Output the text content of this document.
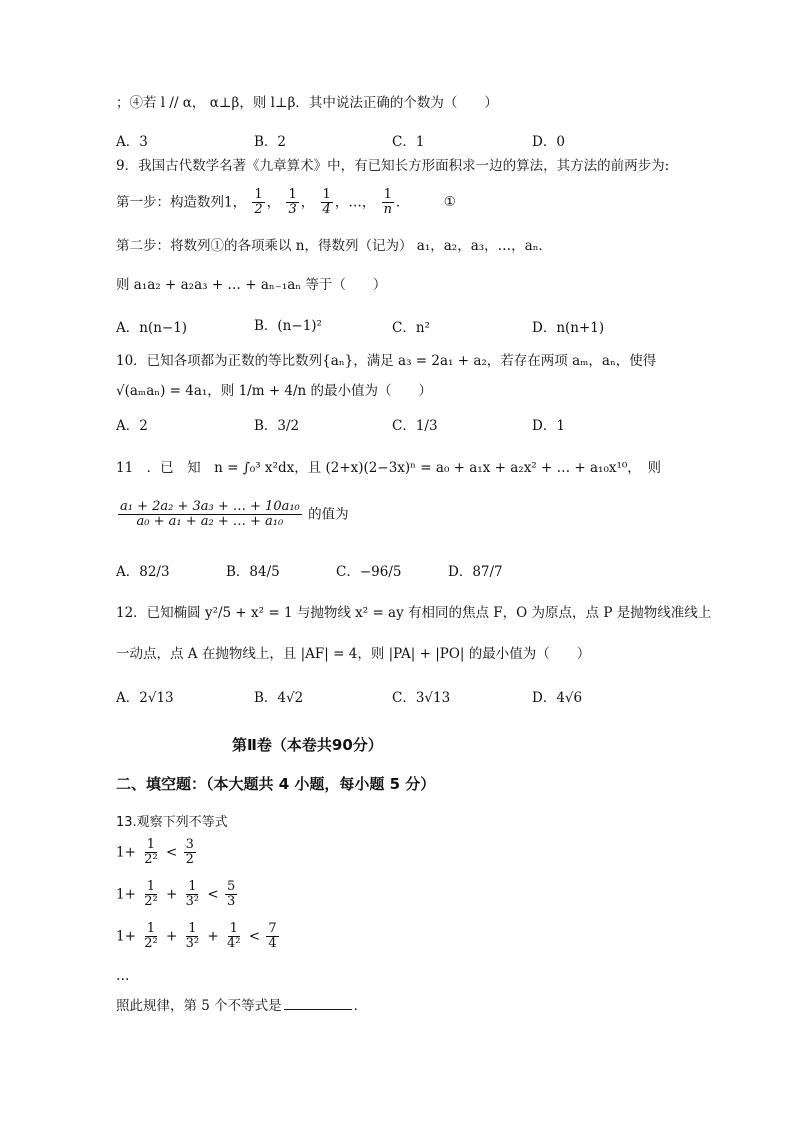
；④若 l // α， α⊥β，则 l⊥β．其中说法正确的个数为（　　）
A．3	B．2	C．1	D．0
9．我国古代数学名著《九章算术》中，有已知长方形面积求一边的算法，其方法的前两步为:
第一步：构造数列1， $\frac{1}{2}$ ， $\frac{1}{3}$ ， $\frac{1}{4}$ ，…， $\frac{1}{n}$ ． ①
第二步：将数列①的各项乘以 n，得数列（记为） a₁，a₂，a₃，…，aₙ．
则 a₁a₂ + a₂a₃ + … + aₙ₋₁aₙ 等于（　　）
A．n(n−1)	B．(n−1)²	C．n²	D．n(n+1)
10．已知各项都为正数的等比数列{aₙ}，满足 a₃ = 2a₁ + a₂，若存在两项 aₘ，aₙ，使得
√(aₘaₙ) = 4a₁，则 1/m + 4/n 的最小值为（　　）
A．2	B．3/2	C．1/3	D．1
11　．已　知　n = ∫₀³ x²dx，且 (2+x)(2−3x)ⁿ = a₀ + a₁x + a₂x² + … + a₁₀x¹⁰，　则
$\frac{\text{a₁ + 2a₂ + 3a₃ + … + 10a₁₀}}{\text{a₀ + a₁ + a₂ + … + a₁₀}}$ 的值为
A．82/3	B．84/5	C．−96/5	D．87/7
12．已知椭圆 y²/5 + x² = 1 与抛物线 x² = ay 有相同的焦点 F，O 为原点，点 P 是抛物线准线上
一动点，点 A 在抛物线上，且 |AF| = 4，则 |PA| + |PO| 的最小值为（　　）
A．2√13	B．4√2	C．3√13	D．4√6
第Ⅱ卷（本卷共90分）
二、填空题：（本大题共 4 小题，每小题 5 分）
13.观察下列不等式
$1+ \frac{1}{\text{2²}} < \frac{3}{2}$
$1+ \frac{1}{\text{2²}} + \frac{1}{\text{3²}} < \frac{5}{3}$
$1+ \frac{1}{\text{2²}} + \frac{1}{\text{3²}} + \frac{1}{\text{4²}} < \frac{7}{4}$
…
照此规律，第 5 个不等式是	．
